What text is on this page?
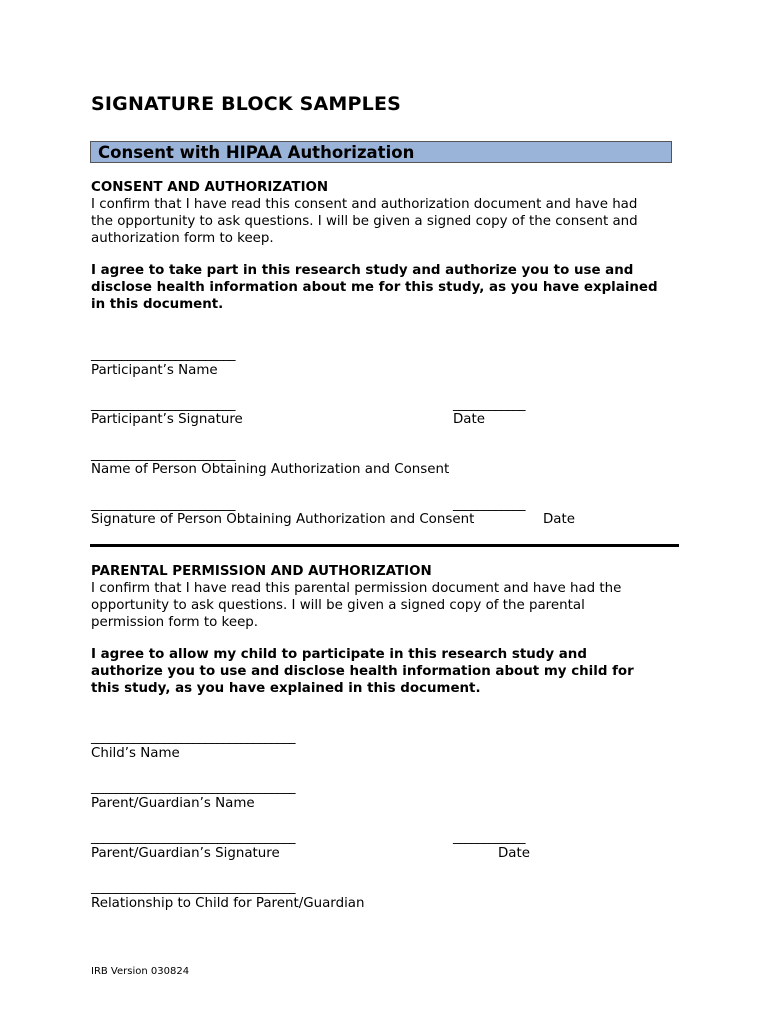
SIGNATURE BLOCK SAMPLES
Consent with HIPAA Authorization
CONSENT AND AUTHORIZATION
I confirm that I have read this consent and authorization document and have had
the opportunity to ask questions. I will be given a signed copy of the consent and
authorization form to keep.
I agree to take part in this research study and authorize you to use and
disclose health information about me for this study, as you have explained
in this document.
________________________
Participant’s Name
________________________	____________
Participant’s Signature	Date
________________________
Name of Person Obtaining Authorization and Consent
________________________	____________
Signature of Person Obtaining Authorization and Consent	Date
PARENTAL PERMISSION AND AUTHORIZATION
I confirm that I have read this parental permission document and have had the
opportunity to ask questions. I will be given a signed copy of the parental
permission form to keep.
I agree to allow my child to participate in this research study and
authorize you to use and disclose health information about my child for
this study, as you have explained in this document.
__________________________________
Child’s Name
__________________________________
Parent/Guardian’s Name
__________________________________	____________
Parent/Guardian’s Signature	Date
__________________________________
Relationship to Child for Parent/Guardian
IRB Version 030824
